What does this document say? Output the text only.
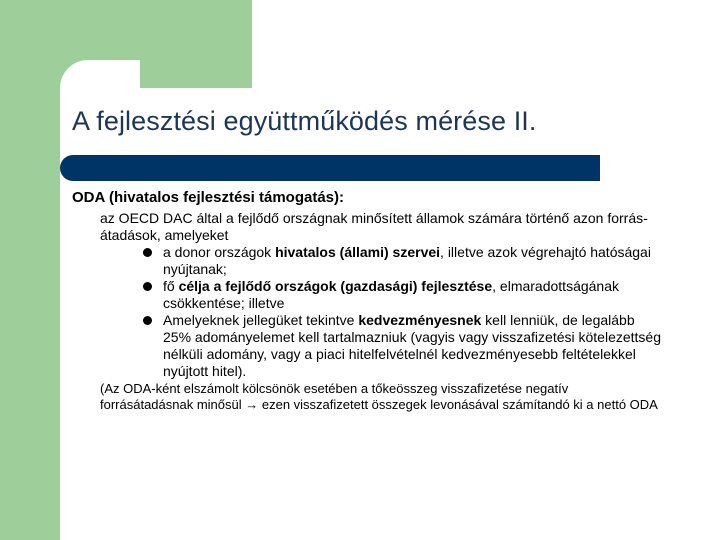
A fejlesztési együttműködés mérése II.

ODA (hivatalos fejlesztési támogatás):

az OECD DAC által a fejlődő országnak minősített államok számára történő azon forrás-átadások, amelyeket

a donor országok hivatalos (állami) szervei, illetve azok végrehajtó hatóságai nyújtanak;
fő célja a fejlődő országok (gazdasági) fejlesztése, elmaradottságának csökkentése; illetve
Amelyeknek jellegüket tekintve kedvezményesnek kell lenniük, de legalább 25% adományelemet kell tartalmazniuk (vagyis vagy visszafizetési kötelezettség nélküli adomány, vagy a piaci hitelfelvételnél kedvezményesebb feltételekkel nyújtott hitel).

(Az ODA-ként elszámolt kölcsönök esetében a tőkeösszeg visszafizetése negatív forrásátadásnak minősül → ezen visszafizetett összegek levonásával számítandó ki a nettó ODA
